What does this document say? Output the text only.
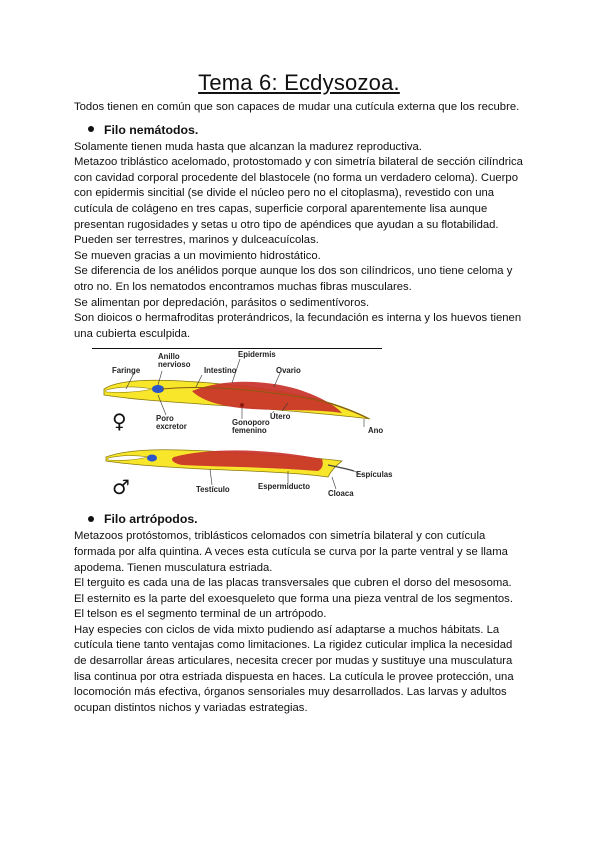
Tema 6: Ecdysozoa.

Todos tienen en común que son capaces de mudar una cutícula externa que los recubre.

Filo nemátodos.

Solamente tienen muda hasta que alcanzan la madurez reproductiva.

Metazoo triblástico acelomado, protostomado y con simetría bilateral de sección cilíndrica con cavidad corporal procedente del blastocele (no forma un verdadero celoma). Cuerpo con epidermis sincitial (se divide el núcleo pero no el citoplasma), revestido con una cutícula de colágeno en tres capas, superficie corporal aparentemente lisa aunque presentan rugosidades y setas u otro tipo de apéndices que ayudan a su flotabilidad.

Pueden ser terrestres, marinos y dulceacuícolas.

Se mueven gracias a un movimiento hidrostático.

Se diferencia de los anélidos porque aunque los dos son cilíndricos, uno tiene celoma y otro no. En los nematodos encontramos muchas fibras musculares.

Se alimentan por depredación, parásitos o sedimentívoros.

Son dioicos o hermafroditas proterándricos, la fecundación es interna y los huevos tienen una cubierta esculpida.

Faringe
Anillo nervioso
Epidermis
Intestino	Ovario
Poro excretor	Gonoporo femenino
Útero
Ano
Espículas
Testículo	Espermiducto
Cloaca
♀
♂
Filo artrópodos.

Metazoos protóstomos, triblásticos celomados con simetría bilateral y con cutícula formada por alfa quintina. A veces esta cutícula se curva por la parte ventral y se llama apodema. Tienen musculatura estriada.

El terguito es cada una de las placas transversales que cubren el dorso del mesosoma. El esternito es la parte del exoesqueleto que forma una pieza ventral de los segmentos. El telson es el segmento terminal de un artrópodo.

Hay especies con ciclos de vida mixto pudiendo así adaptarse a muchos hábitats. La cutícula tiene tanto ventajas como limitaciones. La rigidez cuticular implica la necesidad de desarrollar áreas articulares, necesita crecer por mudas y sustituye una musculatura lisa continua por otra estriada dispuesta en haces. La cutícula le provee protección, una locomoción más efectiva, órganos sensoriales muy desarrollados. Las larvas y adultos ocupan distintos nichos y variadas estrategias.
